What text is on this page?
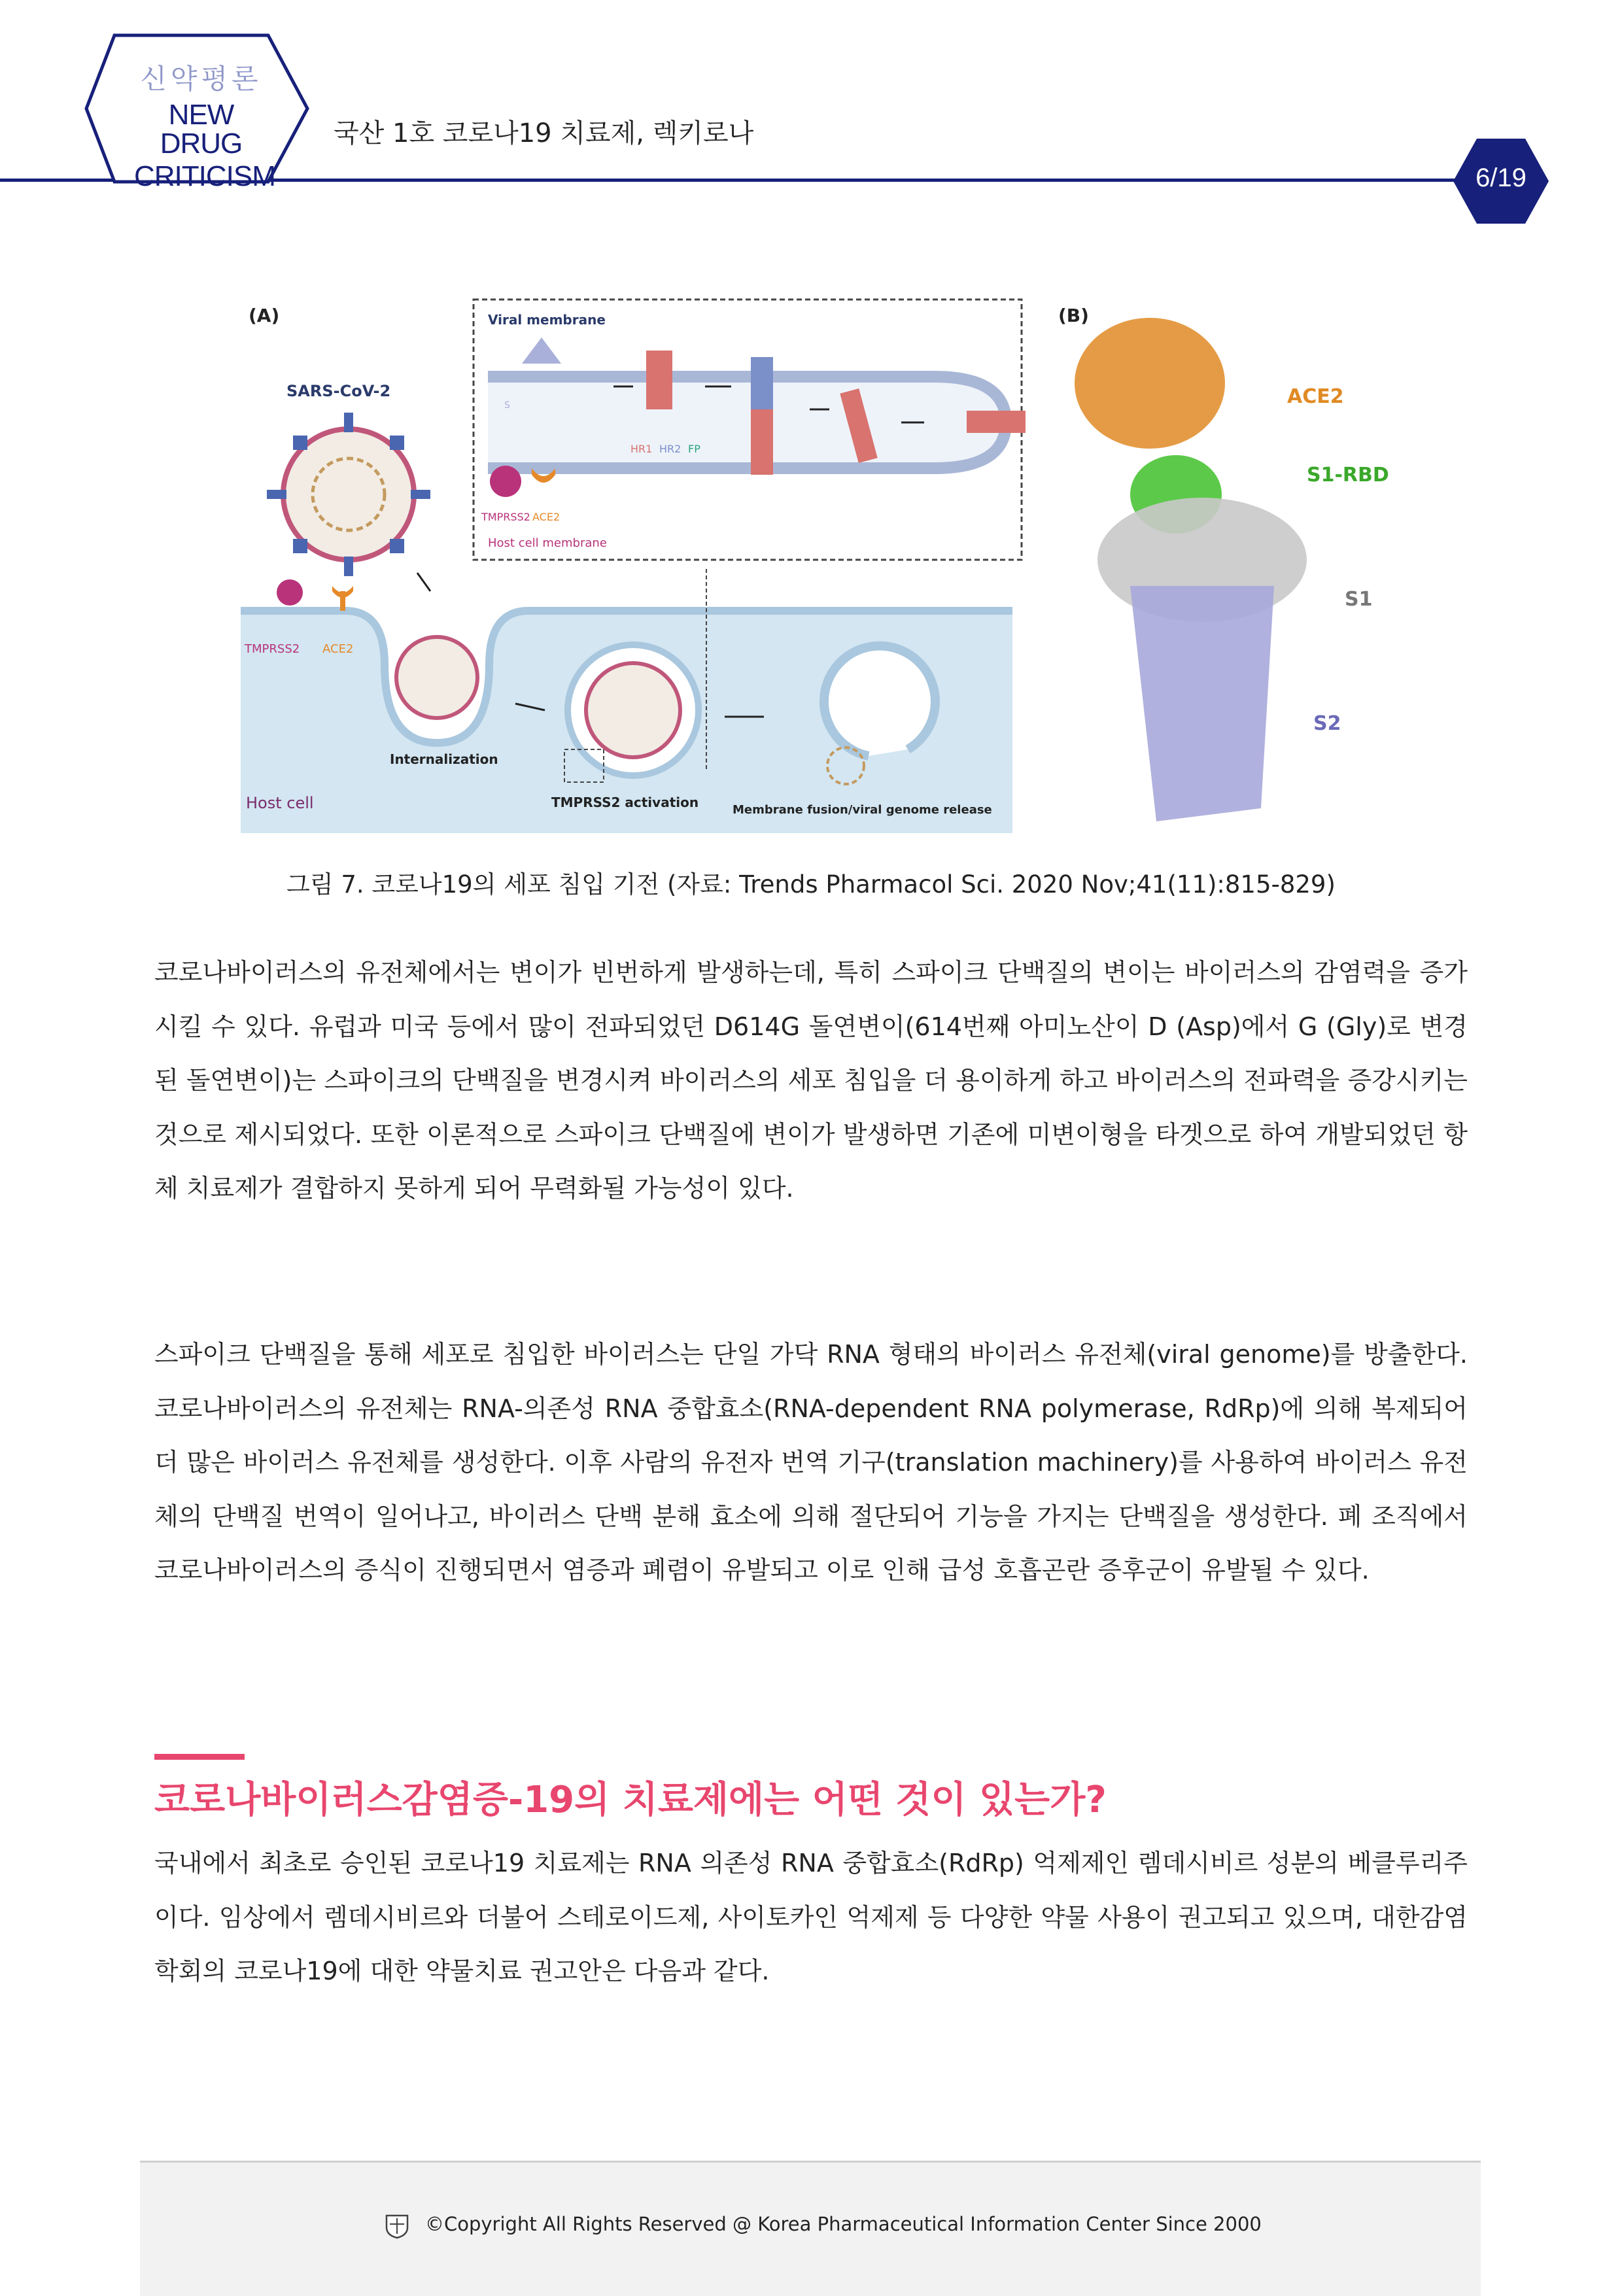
신약평론
NEW DRUG
CRITICISM
국산 1호 코로나19 치료제, 렉키로나
6/19
(A)
SARS-CoV-2
TMPRSS2 ACE2
Internalization
TMPRSS2 activation	Membrane fusion/viral genome release
Host cell
Viral membrane
S
HR1 HR2 FP
TMPRSS2 ACE2
Host cell membrane
(B)
ACE2
S1-RBD
S1
S2
그림 7. 코로나19의 세포 침입 기전 (자료: Trends Pharmacol Sci. 2020 Nov;41(11):815-829)

코로나바이러스의 유전체에서는 변이가 빈번하게 발생하는데, 특히 스파이크 단백질의 변이는 바이러스의 감염력을 증가시킬 수 있다. 유럽과 미국 등에서 많이 전파되었던 D614G 돌연변이(614번째 아미노산이 D (Asp)에서 G (Gly)로 변경된 돌연변이)는 스파이크의 단백질을 변경시켜 바이러스의 세포 침입을 더 용이하게 하고 바이러스의 전파력을 증강시키는 것으로 제시되었다. 또한 이론적으로 스파이크 단백질에 변이가 발생하면 기존에 미변이형을 타겟으로 하여 개발되었던 항체 치료제가 결합하지 못하게 되어 무력화될 가능성이 있다.

스파이크 단백질을 통해 세포로 침입한 바이러스는 단일 가닥 RNA 형태의 바이러스 유전체(viral genome)를 방출한다. 코로나바이러스의 유전체는 RNA-의존성 RNA 중합효소(RNA-dependent RNA polymerase, RdRp)에 의해 복제되어 더 많은 바이러스 유전체를 생성한다. 이후 사람의 유전자 번역 기구(translation machinery)를 사용하여 바이러스 유전체의 단백질 번역이 일어나고, 바이러스 단백 분해 효소에 의해 절단되어 기능을 가지는 단백질을 생성한다. 폐 조직에서 코로나바이러스의 증식이 진행되면서 염증과 폐렴이 유발되고 이로 인해 급성 호흡곤란 증후군이 유발될 수 있다.

코로나바이러스감염증-19의 치료제에는 어떤 것이 있는가?

국내에서 최초로 승인된 코로나19 치료제는 RNA 의존성 RNA 중합효소(RdRp) 억제제인 렘데시비르 성분의 베클루리주이다. 임상에서 렘데시비르와 더불어 스테로이드제, 사이토카인 억제제 등 다양한 약물 사용이 권고되고 있으며, 대한감염학회의 코로나19에 대한 약물치료 권고안은 다음과 같다.

©Copyright All Rights Reserved @ Korea Pharmaceutical Information Center Since 2000
